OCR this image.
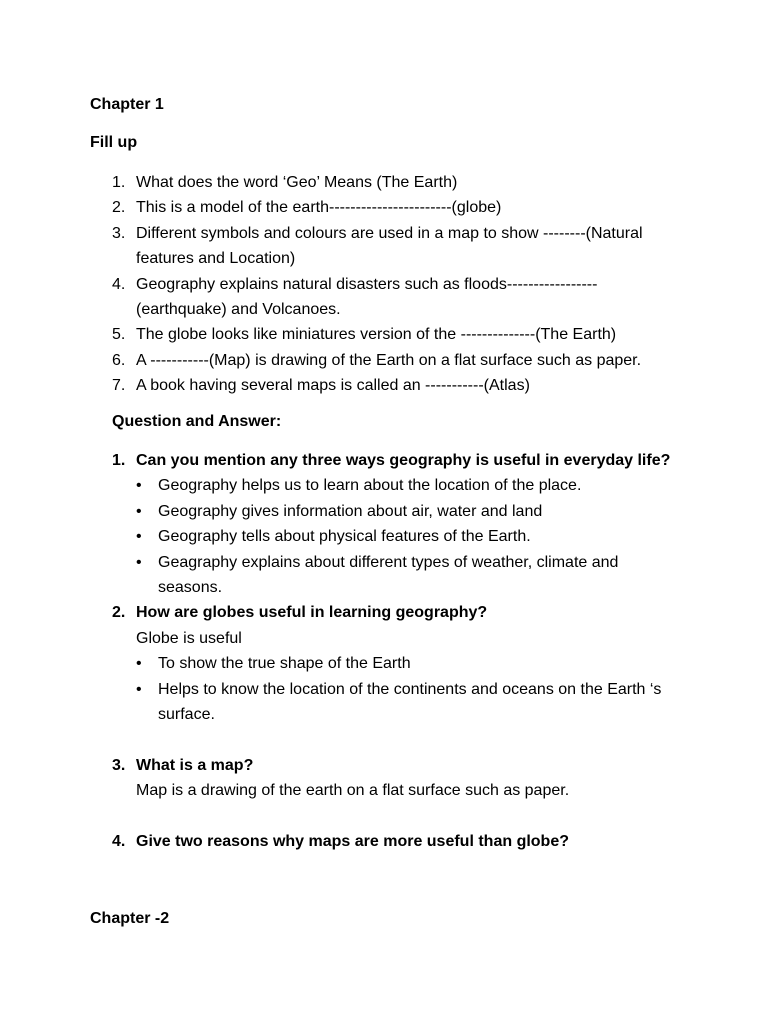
Chapter 1

Fill up

1. What does the word ‘Geo’ Means (The Earth)
2. This is a model of the earth-----------------------(globe)
3. Different symbols and colours are used in a map to show --------(Natural
features and Location)
4. Geography explains natural disasters such as floods-----------------
(earthquake) and Volcanoes.
5. The globe looks like miniatures version of the --------------(The Earth)
6. A -----------(Map) is drawing of the Earth on a flat surface such as paper.
7. A book having several maps is called an -----------(Atlas)

Question and Answer:

1. Can you mention any three ways geography is useful in everyday life?
•	Geography helps us to learn about the location of the place.
•	Geography gives information about air, water and land
•	Geography tells about physical features of the Earth.
•	Geagraphy explains about different types of weather, climate and
seasons.
2. How are globes useful in learning geography?
Globe is useful
•	To show the true shape of the Earth
•	Helps to know the location of the continents and oceans on the Earth ‘s
surface.
3. What is a map?
Map is a drawing of the earth on a flat surface such as paper.
4. Give two reasons why maps are more useful than globe?

Chapter -2
